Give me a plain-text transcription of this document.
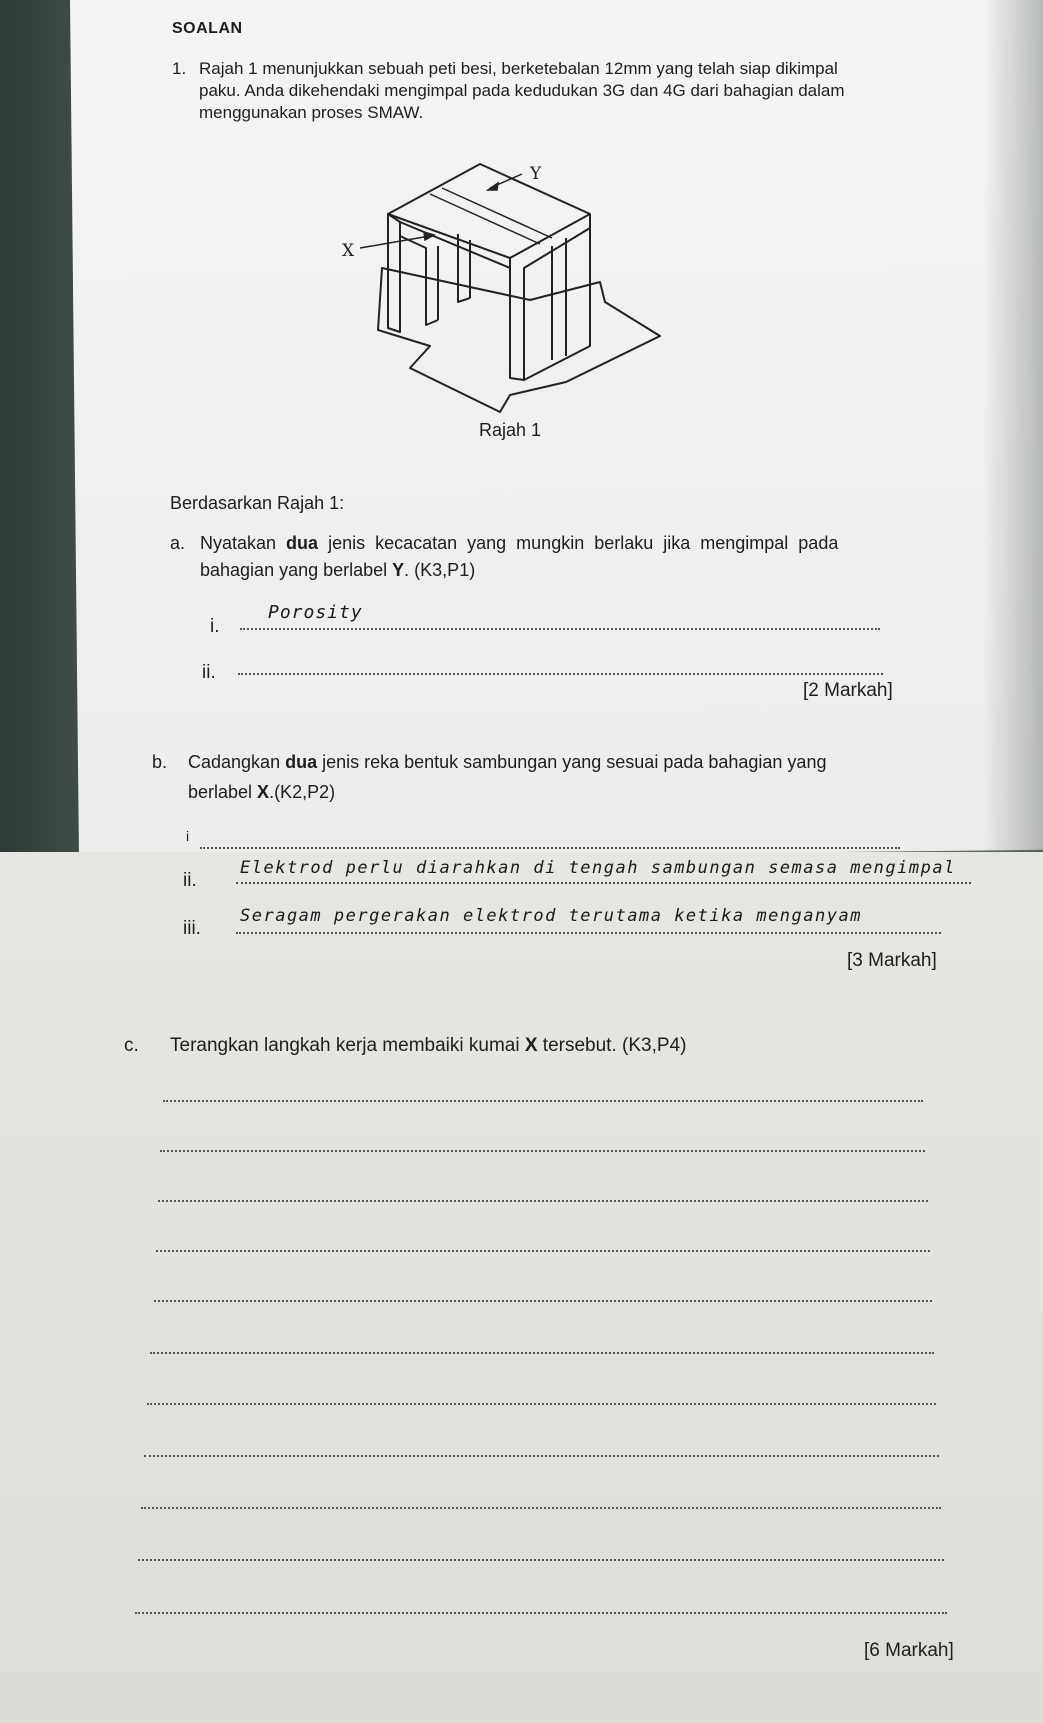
SOALAN
1. Rajah 1 menunjukkan sebuah peti besi, berketebalan 12mm yang telah siap dikimpal
paku. Anda dikehendaki mengimpal pada kedudukan 3G dan 4G dari bahagian dalam
menggunakan proses SMAW.
Y
X
Rajah 1
Berdasarkan Rajah 1:
a. Nyatakan dua jenis kecacatan yang mungkin berlaku jika mengimpal pada
bahagian yang berlabel Y. (K3,P1)
i.
Porosity
ii.
[2 Markah]
b. Cadangkan dua jenis reka bentuk sambungan yang sesuai pada bahagian yang
berlabel X.(K2,P2)
i
ii.
Elektrod perlu diarahkan di tengah sambungan semasa mengimpal
iii.
Seragam pergerakan elektrod terutama ketika menganyam
[3 Markah]
c. Terangkan langkah kerja membaiki kumai X tersebut. (K3,P4)
[6 Markah]
